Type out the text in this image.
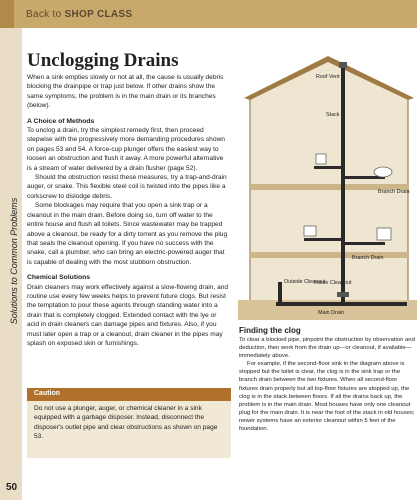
Back to SHOP CLASS
Solutions to Common Problems
50
Unclogging Drains

When a sink empties slowly or not at all, the cause is usually debris blocking the drainpipe or trap just below. If other drains show the same symptoms, the problem is in the main drain or its branches (below).

A Choice of Methods

To unclog a drain, try the simplest remedy first, then proceed stepwise with the progressively more demanding procedures shown on pages 53 and 54. A force-cup plunger offers the easiest way to loosen an obstruction and flush it away. A more powerful alternative is a stream of water delivered by a drain flusher (page 52).

Should the obstruction resist these measures, try a trap-and-drain auger, or snake. This flexible steel coil is twisted into the pipes like a corkscrew to dislodge debris.

Some blockages may require that you open a sink trap or a cleanout in the main drain. Before doing so, turn off water to the entire house and flush all toilets. Since wastewater may be trapped above a cleanout, be ready for a dirty torrent as you remove the plug that seals the cleanout opening. If you have no success with the snake, call a plumber, who can bring an electric-powered auger that is capable of dealing with the most stubborn obstruction.

Chemical Solutions

Drain cleaners may work effectively against a slow-flowing drain, and routine use every few weeks helps to prevent future clogs. But resist the temptation to pour these agents through standing water into a drain that is completely clogged. Extended contact with the lye or acid in drain cleaners can damage pipes and fixtures. Also, if you must later open a trap or a cleanout, drain cleaner in the pipes may splash on exposed skin or furnishings.

Caution
Do not use a plunger, auger, or chemical cleaner in a sink equipped with a garbage disposer. Instead, disconnect the disposer's outlet pipe and clear obstructions as shown on page 53.
Roof Vent
Stack
Branch Drain
Branch Drain
Outside Cleanout
Inside Cleanout
Main Drain
Finding the clog

To clear a blocked pipe, pinpoint the obstruction by observation and deduction, then work from the drain up—or cleanout, if available—immediately above.

For example, if the second-floor sink in the diagram above is stopped but the toilet is clear, the clog is in the sink trap or the branch drain between the two fixtures. When all second-floor fixtures drain properly but all top-floor fixtures are stopped up, the clog is in the stack between floors. If all the drains back up, the problem is in the main drain. Most houses have only one cleanout plug for the main drain. It is near the foot of the stack in old houses; newer systems have an exterior cleanout within 5 feet of the foundation.
